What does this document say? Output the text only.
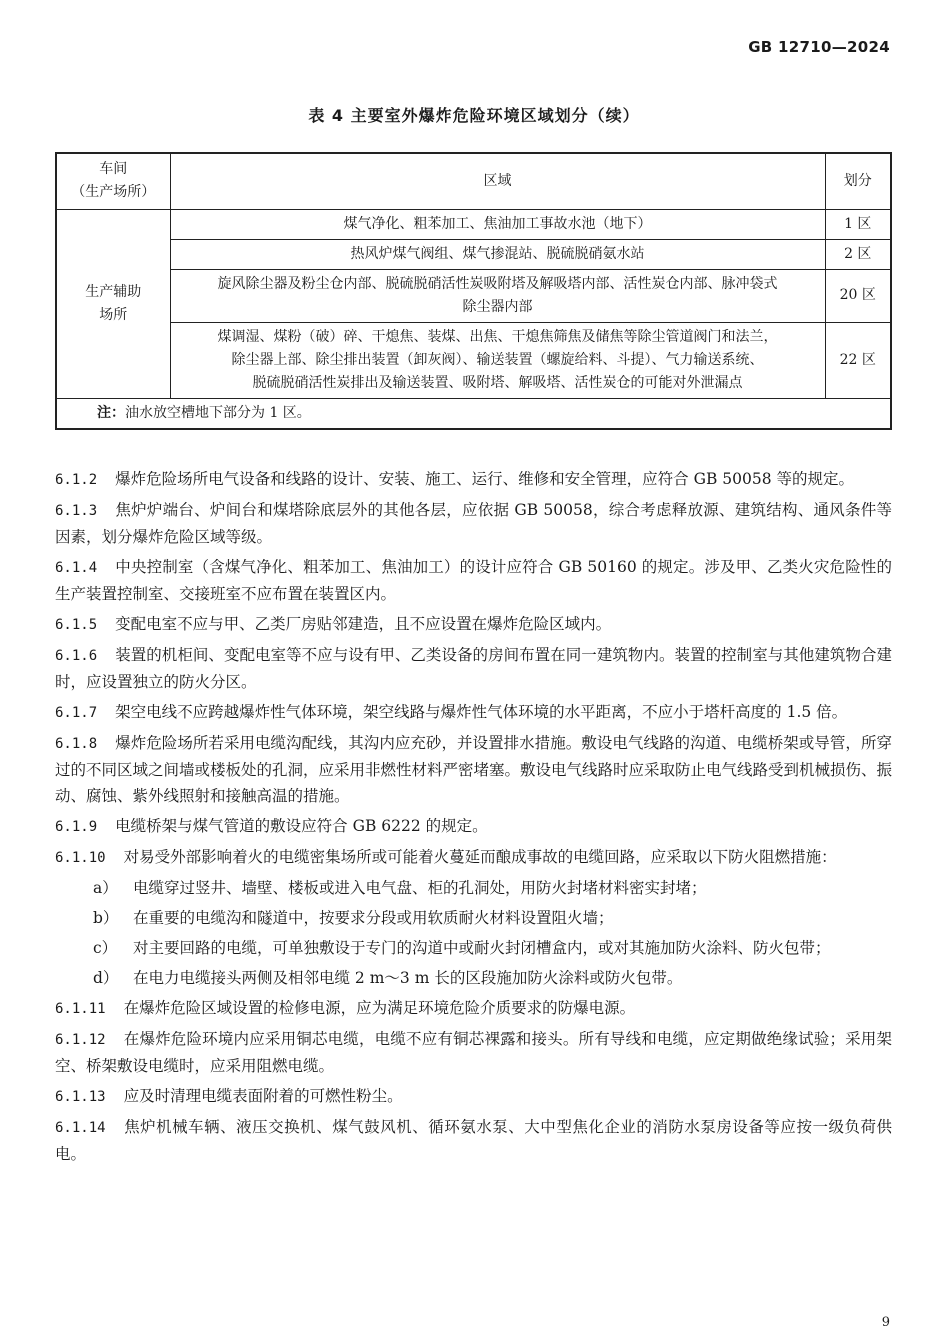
GB 12710—2024
表 4 主要室外爆炸危险环境区域划分（续）
车间
（生产场所）	区域	划分
生产辅助
场所	煤气净化、粗苯加工、焦油加工事故水池（地下）	1 区
	热风炉煤气阀组、煤气掺混站、脱硫脱硝氨水站	2 区
	旋风除尘器及粉尘仓内部、脱硫脱硝活性炭吸附塔及解吸塔内部、活性炭仓内部、脉冲袋式
除尘器内部	20 区
	煤调湿、煤粉（破）碎、干熄焦、装煤、出焦、干熄焦筛焦及储焦等除尘管道阀门和法兰，
除尘器上部、除尘排出装置（卸灰阀）、输送装置（螺旋给料、斗提）、气力输送系统、
脱硫脱硝活性炭排出及输送装置、吸附塔、解吸塔、活性炭仓的可能对外泄漏点	22 区
注：油水放空槽地下部分为 1 区。		
6.1.2 爆炸危险场所电气设备和线路的设计、安装、施工、运行、维修和安全管理，应符合 GB 50058 等的规定。
6.1.3 焦炉炉端台、炉间台和煤塔除底层外的其他各层，应依据 GB 50058，综合考虑释放源、建筑结构、通风条件等因素，划分爆炸危险区域等级。
6.1.4 中央控制室（含煤气净化、粗苯加工、焦油加工）的设计应符合 GB 50160 的规定。涉及甲、乙类火灾危险性的生产装置控制室、交接班室不应布置在装置区内。
6.1.5 变配电室不应与甲、乙类厂房贴邻建造，且不应设置在爆炸危险区域内。
6.1.6 装置的机柜间、变配电室等不应与设有甲、乙类设备的房间布置在同一建筑物内。装置的控制室与其他建筑物合建时，应设置独立的防火分区。
6.1.7 架空电线不应跨越爆炸性气体环境，架空线路与爆炸性气体环境的水平距离，不应小于塔杆高度的 1.5 倍。
6.1.8 爆炸危险场所若采用电缆沟配线，其沟内应充砂，并设置排水措施。敷设电气线路的沟道、电缆桥架或导管，所穿过的不同区域之间墙或楼板处的孔洞，应采用非燃性材料严密堵塞。敷设电气线路时应采取防止电气线路受到机械损伤、振动、腐蚀、紫外线照射和接触高温的措施。
6.1.9 电缆桥架与煤气管道的敷设应符合 GB 6222 的规定。
6.1.10 对易受外部影响着火的电缆密集场所或可能着火蔓延而酿成事故的电缆回路，应采取以下防火阻燃措施：
a） 电缆穿过竖井、墙壁、楼板或进入电气盘、柜的孔洞处，用防火封堵材料密实封堵；
b） 在重要的电缆沟和隧道中，按要求分段或用软质耐火材料设置阻火墙；
c） 对主要回路的电缆，可单独敷设于专门的沟道中或耐火封闭槽盒内，或对其施加防火涂料、防火包带；
d） 在电力电缆接头两侧及相邻电缆 2 m～3 m 长的区段施加防火涂料或防火包带。
6.1.11 在爆炸危险区域设置的检修电源，应为满足环境危险介质要求的防爆电源。
6.1.12 在爆炸危险环境内应采用铜芯电缆，电缆不应有铜芯裸露和接头。所有导线和电缆，应定期做绝缘试验；采用架空、桥架敷设电缆时，应采用阻燃电缆。
6.1.13 应及时清理电缆表面附着的可燃性粉尘。
6.1.14 焦炉机械车辆、液压交换机、煤气鼓风机、循环氨水泵、大中型焦化企业的消防水泵房设备等应按一级负荷供电。
9
